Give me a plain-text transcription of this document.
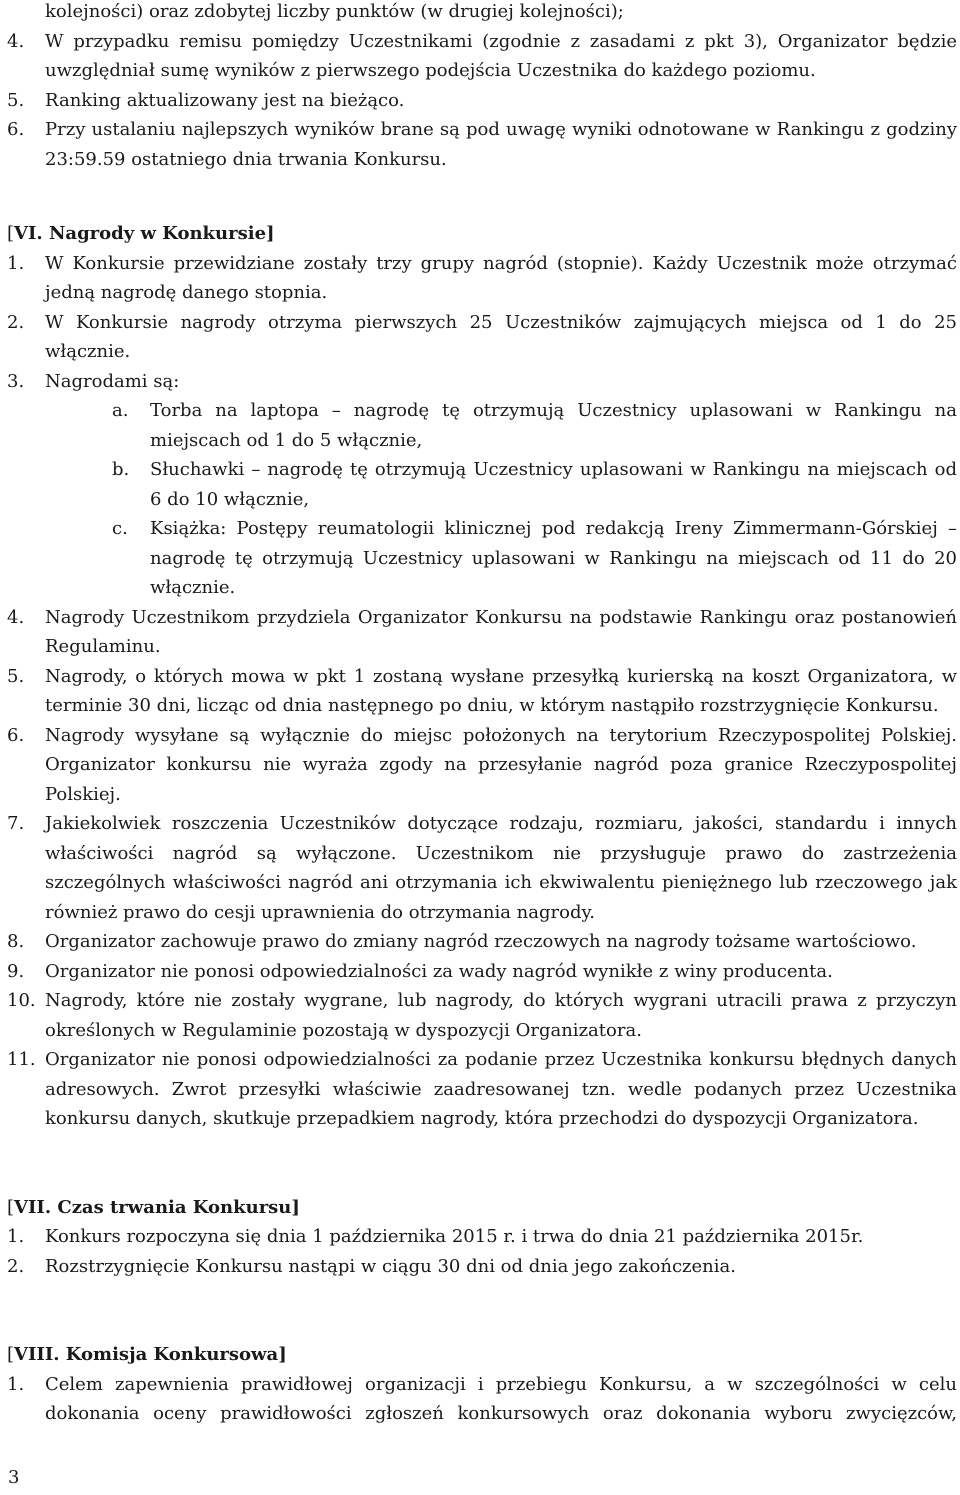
kolejności) oraz zdobytej liczby punktów (w drugiej kolejności);
4.	W przypadku remisu pomiędzy Uczestnikami (zgodnie z zasadami z pkt 3), Organizator będzie uwzględniał sumę wyników z pierwszego podejścia Uczestnika do każdego poziomu.
5.	Ranking aktualizowany jest na bieżąco.
6.	Przy ustalaniu najlepszych wyników brane są pod uwagę wyniki odnotowane w Rankingu z godziny 23:59.59 ostatniego dnia trwania Konkursu.
[VI. Nagrody w Konkursie]
1.	W Konkursie przewidziane zostały trzy grupy nagród (stopnie). Każdy Uczestnik może otrzymać jedną nagrodę danego stopnia.
2.	W Konkursie nagrody otrzyma pierwszych 25 Uczestników zajmujących miejsca od 1 do 25 włącznie.
3.	Nagrodami są:
a.	Torba na laptopa – nagrodę tę otrzymują Uczestnicy uplasowani w Rankingu na miejscach od 1 do 5 włącznie,
b.	Słuchawki – nagrodę tę otrzymują Uczestnicy uplasowani w Rankingu na miejscach od 6 do 10 włącznie,
c.	Książka: Postępy reumatologii klinicznej pod redakcją Ireny Zimmermann-Górskiej – nagrodę tę otrzymują Uczestnicy uplasowani w Rankingu na miejscach od 11 do 20 włącznie.
4.	Nagrody Uczestnikom przydziela Organizator Konkursu na podstawie Rankingu oraz postanowień Regulaminu.
5.	Nagrody, o których mowa w pkt 1 zostaną wysłane przesyłką kurierską na koszt Organizatora, w terminie 30 dni, licząc od dnia następnego po dniu, w którym nastąpiło rozstrzygnięcie Konkursu.
6.	Nagrody wysyłane są wyłącznie do miejsc położonych na terytorium Rzeczypospolitej Polskiej. Organizator konkursu nie wyraża zgody na przesyłanie nagród poza granice Rzeczypospolitej Polskiej.
7.	Jakiekolwiek roszczenia Uczestników dotyczące rodzaju, rozmiaru, jakości, standardu i innych właściwości nagród są wyłączone. Uczestnikom nie przysługuje prawo do zastrzeżenia szczególnych właściwości nagród ani otrzymania ich ekwiwalentu pieniężnego lub rzeczowego jak również prawo do cesji uprawnienia do otrzymania nagrody.
8.	Organizator zachowuje prawo do zmiany nagród rzeczowych na nagrody tożsame wartościowo.
9.	Organizator nie ponosi odpowiedzialności za wady nagród wynikłe z winy producenta.
10. Nagrody, które nie zostały wygrane, lub nagrody, do których wygrani utracili prawa z przyczyn określonych w Regulaminie pozostają w dyspozycji Organizatora.
11. Organizator nie ponosi odpowiedzialności za podanie przez Uczestnika konkursu błędnych danych adresowych. Zwrot przesyłki właściwie zaadresowanej tzn. wedle podanych przez Uczestnika konkursu danych, skutkuje przepadkiem nagrody, która przechodzi do dyspozycji Organizatora.
[VII. Czas trwania Konkursu]
1.	Konkurs rozpoczyna się dnia 1 października 2015 r. i trwa do dnia 21 października 2015r.
2.	Rozstrzygnięcie Konkursu nastąpi w ciągu 30 dni od dnia jego zakończenia.
[VIII. Komisja Konkursowa]
1.	Celem zapewnienia prawidłowej organizacji i przebiegu Konkursu, a w szczególności w celu dokonania oceny prawidłowości zgłoszeń konkursowych oraz dokonania wyboru zwycięzców,
3
